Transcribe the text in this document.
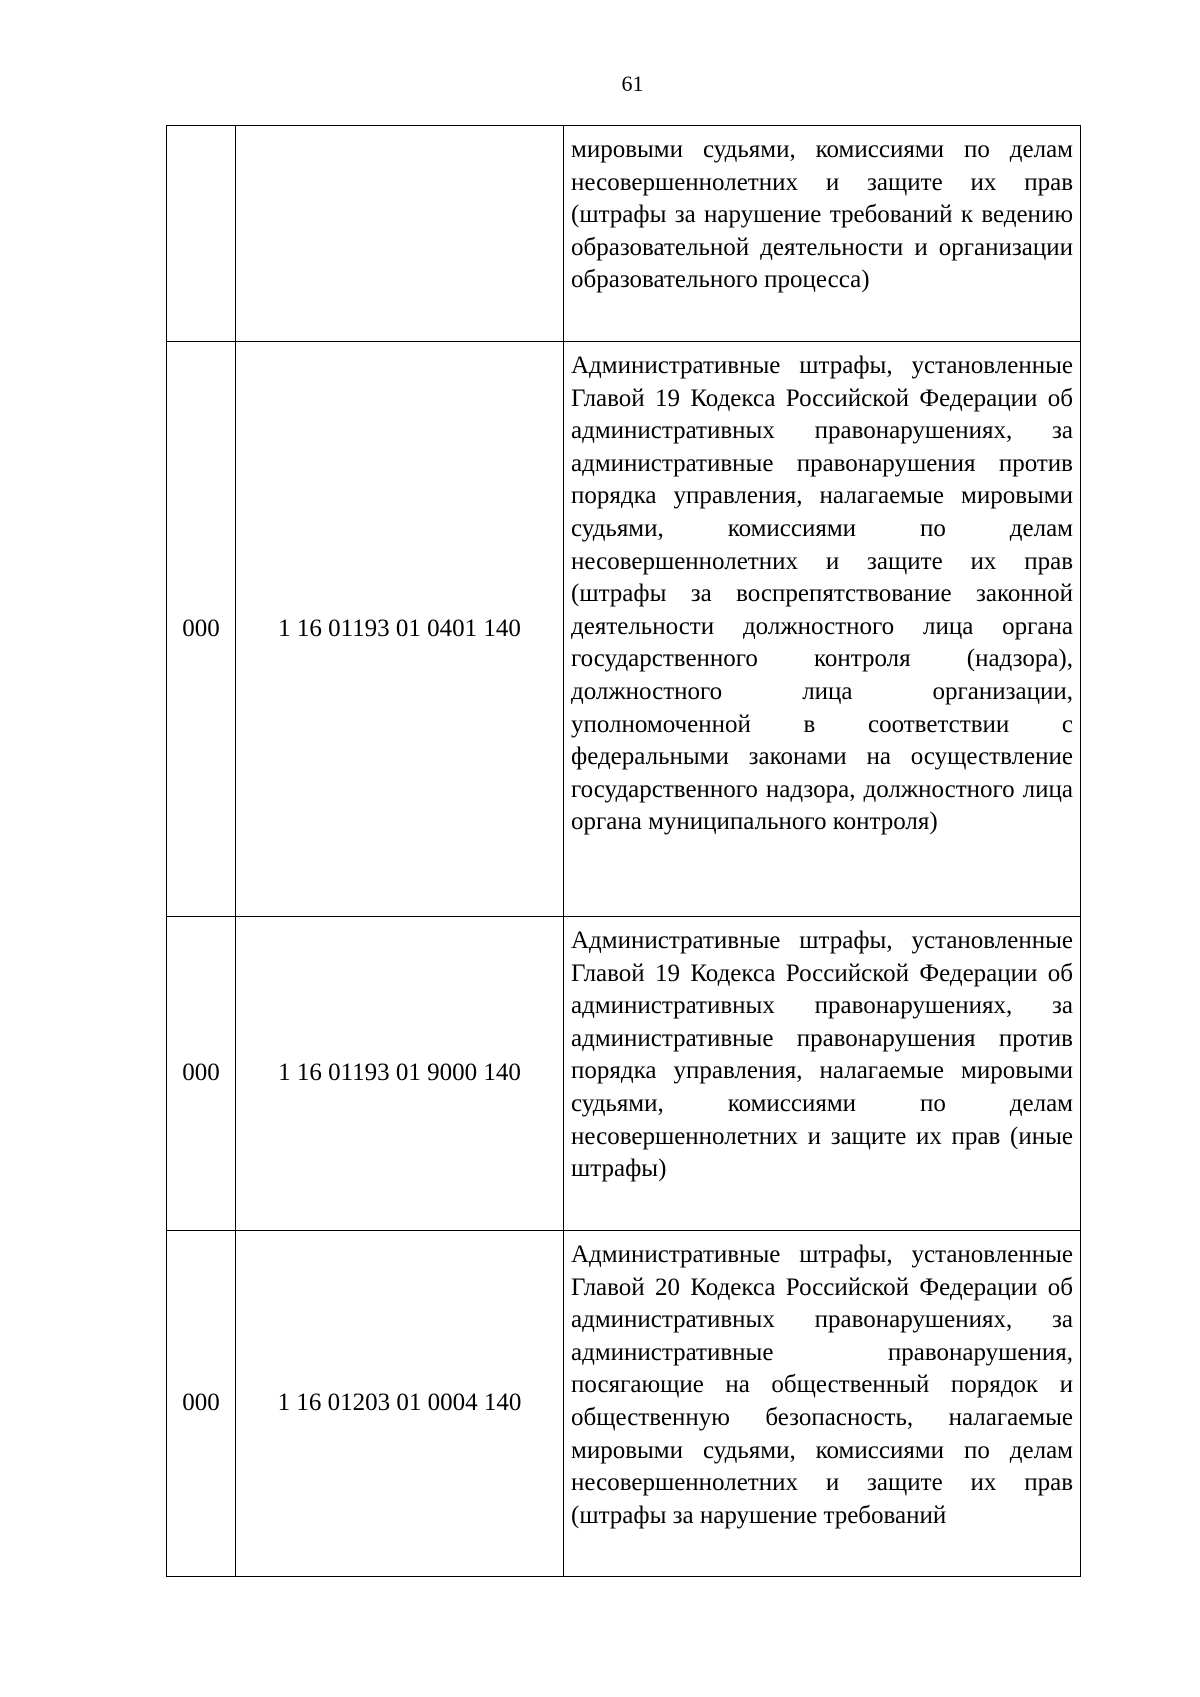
61
		мировыми судьями, комиссиями по делам несовершеннолетних и защите их прав (штрафы за нарушение требований к ведению образовательной деятельности и организации образовательного процесса)
000	1 16 01193 01 0401 140	Административные штрафы, установленные Главой 19 Кодекса Российской Федерации об административных правонарушениях, за административные правонарушения против порядка управления, налагаемые мировыми судьями, комиссиями по делам несовершеннолетних и защите их прав (штрафы за воспрепятствование законной деятельности должностного лица органа государственного контроля (надзора), должностного лица организации, уполномоченной в соответствии с федеральными законами на осуществление государственного надзора, должностного лица органа муниципального контроля)
000	1 16 01193 01 9000 140	Административные штрафы, установленные Главой 19 Кодекса Российской Федерации об административных правонарушениях, за административные правонарушения против порядка управления, налагаемые мировыми судьями, комиссиями по делам несовершеннолетних и защите их прав (иные штрафы)
000	1 16 01203 01 0004 140	Административные штрафы, установленные Главой 20 Кодекса Российской Федерации об административных правонарушениях, за административные правонарушения, посягающие на общественный порядок и общественную безопасность, налагаемые мировыми судьями, комиссиями по делам несовершеннолетних и защите их прав (штрафы за нарушение требований
